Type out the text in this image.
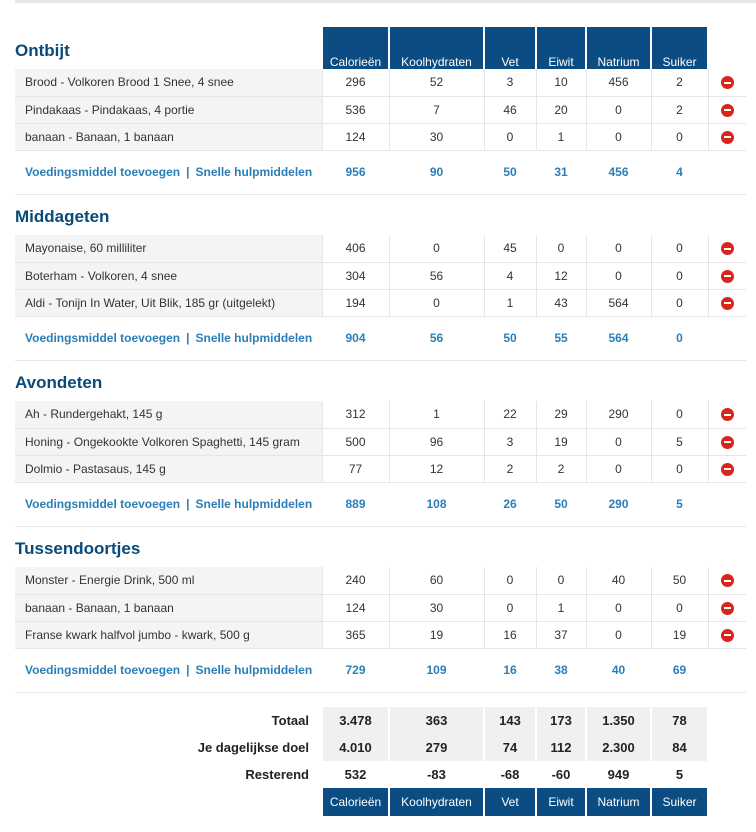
Ontbijt	Calorieën	Koolhydraten	Vet	Eiwit	Natrium	Suiker	
Brood - Volkoren Brood 1 Snee, 4 snee	296	52	3	10	456	2	
Pindakaas - Pindakaas, 4 portie	536	7	46	20	0	2	
banaan - Banaan, 1 banaan	124	30	0	1	0	0	
Voedingsmiddel toevoegen | Snelle hulpmiddelen	956	90	50	31	456	4	
Middageten							
Mayonaise, 60 milliliter	406	0	45	0	0	0	
Boterham - Volkoren, 4 snee	304	56	4	12	0	0	
Aldi - Tonijn In Water, Uit Blik, 185 gr (uitgelekt)	194	0	1	43	564	0	
Voedingsmiddel toevoegen | Snelle hulpmiddelen	904	56	50	55	564	0	
Avondeten							
Ah - Rundergehakt, 145 g	312	1	22	29	290	0	
Honing - Ongekookte Volkoren Spaghetti, 145 gram	500	96	3	19	0	5	
Dolmio - Pastasaus, 145 g	77	12	2	2	0	0	
Voedingsmiddel toevoegen | Snelle hulpmiddelen	889	108	26	50	290	5	
Tussendoortjes							
Monster - Energie Drink, 500 ml	240	60	0	0	40	50	
banaan - Banaan, 1 banaan	124	30	0	1	0	0	
Franse kwark halfvol jumbo - kwark, 500 g	365	19	16	37	0	19	
Voedingsmiddel toevoegen | Snelle hulpmiddelen	729	109	16	38	40	69	

Totaal	3.478	363	143	173	1.350	78	
Je dagelijkse doel	4.010	279	74	112	2.300	84	
Resterend	532	-83	-68	-60	949	5	
	Calorieën	Koolhydraten	Vet	Eiwit	Natrium	Suiker	
